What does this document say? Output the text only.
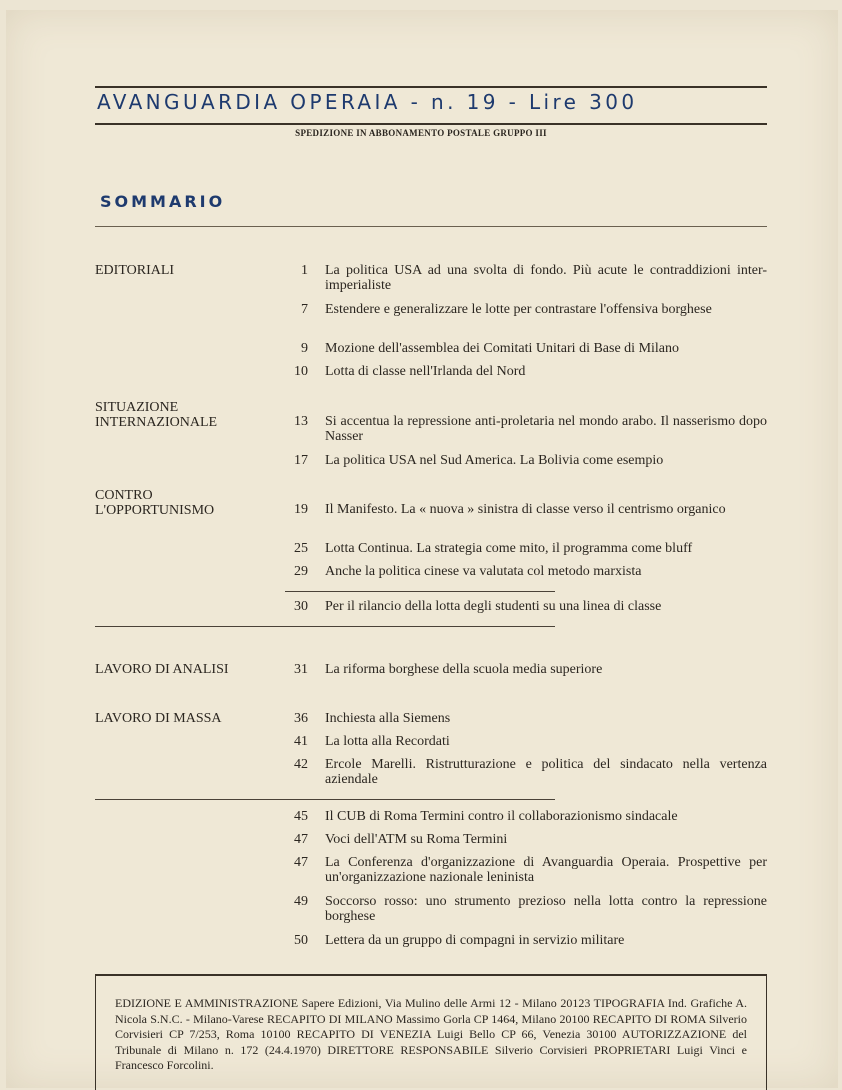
AVANGUARDIA OPERAIA - n. 19 - Lire 300
SPEDIZIONE IN ABBONAMENTO POSTALE GRUPPO III
SOMMARIO
EDITORIALI
SITUAZIONE
INTERNAZIONALE
CONTRO
L'OPPORTUNISMO
LAVORO DI ANALISI
LAVORO DI MASSA
1 La politica USA ad una svolta di fondo. Più acute le contraddizioni inter-imperialiste
7 Estendere e generalizzare le lotte per contrastare l'offensiva borghese
9 Mozione dell'assemblea dei Comitati Unitari di Base di Milano
10 Lotta di classe nell'Irlanda del Nord
13 Si accentua la repressione anti-proletaria nel mondo arabo. Il nasserismo dopo Nasser
17 La politica USA nel Sud America. La Bolivia come esempio
19 Il Manifesto. La « nuova » sinistra di classe verso il centrismo organico
25 Lotta Continua. La strategia come mito, il programma come bluff
29 Anche la politica cinese va valutata col metodo marxista
30 Per il rilancio della lotta degli studenti su una linea di classe
31 La riforma borghese della scuola media superiore
36 Inchiesta alla Siemens
41 La lotta alla Recordati
42 Ercole Marelli. Ristrutturazione e politica del sindacato nella vertenza aziendale
45 Il CUB di Roma Termini contro il collaborazionismo sindacale
47 Voci dell'ATM su Roma Termini
47 La Conferenza d'organizzazione di Avanguardia Operaia. Prospettive per un'organizzazione nazionale leninista
49 Soccorso rosso: uno strumento prezioso nella lotta contro la repressione borghese
50 Lettera da un gruppo di compagni in servizio militare
EDIZIONE E AMMINISTRAZIONE Sapere Edizioni, Via Mulino delle Armi 12 - Milano 20123 TIPOGRAFIA Ind. Grafiche A. Nicola S.N.C. - Milano-Varese RECAPITO DI MILANO Massimo Gorla CP 1464, Milano 20100 RECAPITO DI ROMA Silverio Corvisieri CP 7/253, Roma 10100 RECAPITO DI VENEZIA Luigi Bello CP 66, Venezia 30100 AUTORIZZAZIONE del Tribunale di Milano n. 172 (24.4.1970) DIRETTORE RESPONSABILE Silverio Corvisieri PROPRIETARI Luigi Vinci e Francesco Forcolini.
